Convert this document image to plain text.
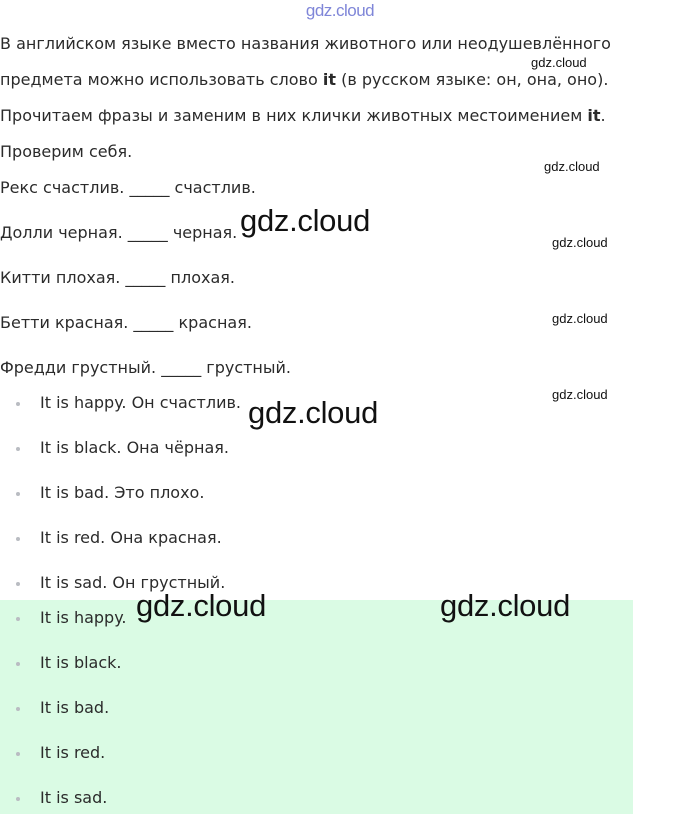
gdz.cloud
В английском языке вместо названия животного или неодушевлённого
предмета можно использовать слово it (в русском языке: он, она, оно).
Прочитаем фразы и заменим в них клички животных местоимением it.
Проверим себя.
Рекс счастлив. _____ счастлив.
Долли черная. _____ черная.
Китти плохая. _____ плохая.
Бетти красная. _____ красная.
Фредди грустный. _____ грустный.
It is happy. Он счастлив.
It is black. Она чёрная.
It is bad. Это плохо.
It is red. Она красная.
It is sad. Он грустный.
It is happy.
It is black.
It is bad.
It is red.
It is sad.
gdz.cloud
gdz.cloud
gdz.cloud
gdz.cloud
gdz.cloud
gdz.cloud
gdz.cloud
gdz.cloud	gdz.cloud
